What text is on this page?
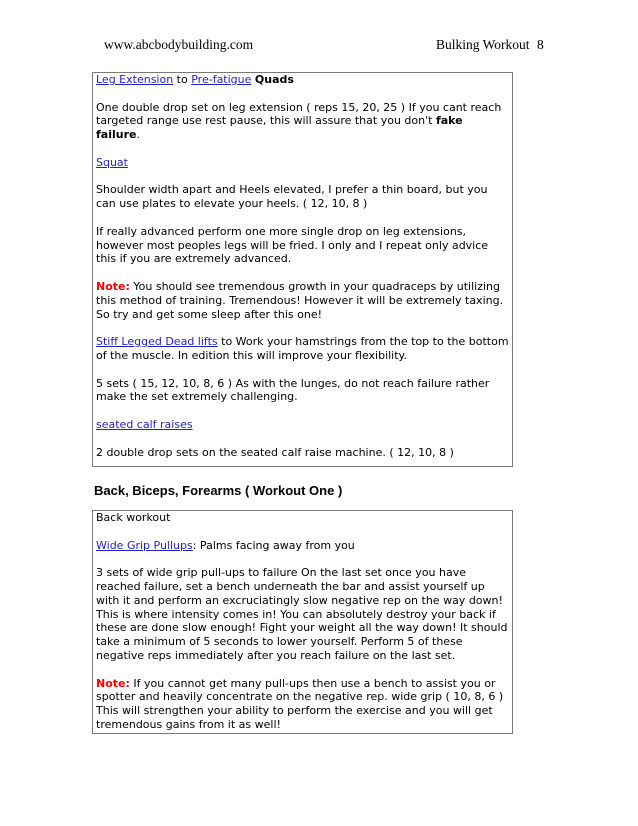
www.abcbodybuilding.com	Bulking Workout 8

Leg Extension to Pre-fatigue Quads

One double drop set on leg extension ( reps 15, 20, 25 ) If you cant reach targeted range use rest pause, this will assure that you don't fake failure.

Squat

Shoulder width apart and Heels elevated, I prefer a thin board, but you can use plates to elevate your heels. ( 12, 10, 8 )

If really advanced perform one more single drop on leg extensions, however most peoples legs will be fried. I only and I repeat only advice this if you are extremely advanced.

Note: You should see tremendous growth in your quadraceps by utilizing this method of training. Tremendous! However it will be extremely taxing. So try and get some sleep after this one!

Stiff Legged Dead lifts to Work your hamstrings from the top to the bottom of the muscle. In edition this will improve your flexibility.

5 sets ( 15, 12, 10, 8, 6 ) As with the lunges, do not reach failure rather make the set extremely challenging.

seated calf raises

2 double drop sets on the seated calf raise machine. ( 12, 10, 8 )

Back, Biceps, Forearms ( Workout One )

Back workout

Wide Grip Pullups: Palms facing away from you

3 sets of wide grip pull-ups to failure On the last set once you have reached failure, set a bench underneath the bar and assist yourself up with it and perform an excruciatingly slow negative rep on the way down! This is where intensity comes in! You can absolutely destroy your back if these are done slow enough! Fight your weight all the way down! It should take a minimum of 5 seconds to lower yourself. Perform 5 of these negative reps immediately after you reach failure on the last set.

Note: If you cannot get many pull-ups then use a bench to assist you or spotter and heavily concentrate on the negative rep. wide grip ( 10, 8, 6 ) This will strengthen your ability to perform the exercise and you will get tremendous gains from it as well!
